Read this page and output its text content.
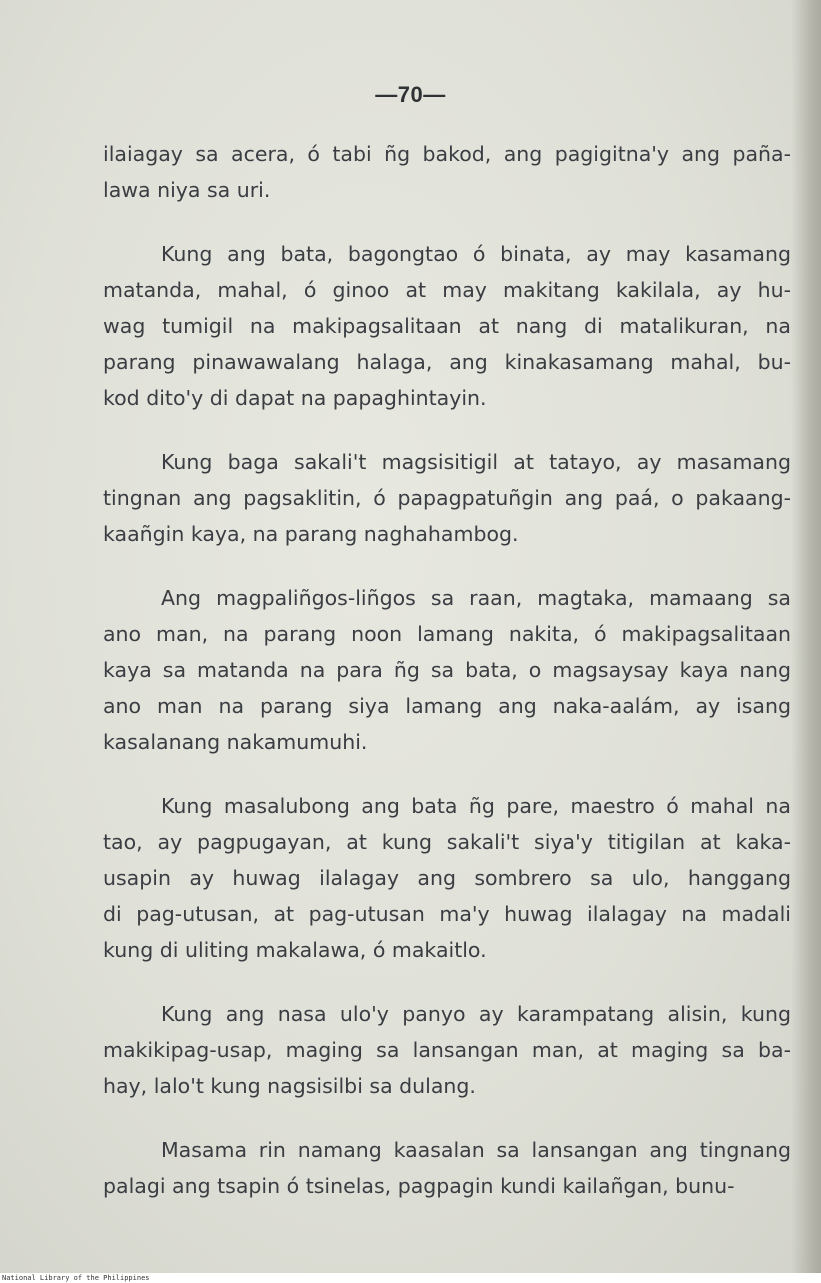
—70—
ilaiagay sa acera, ó tabi ñg bakod, ang pagigitna'y ang paña-
lawa niya sa uri.
Kung ang bata, bagongtao ó binata, ay may kasamang
matanda, mahal, ó ginoo at may makitang kakilala, ay hu-
wag tumigil na makipagsalitaan at nang di matalikuran, na
parang pinawawalang halaga, ang kinakasamang mahal, bu-
kod dito'y di dapat na papaghintayin.
Kung baga sakali't magsisitigil at tatayo, ay masamang
tingnan ang pagsaklitin, ó papagpatuñgin ang paá, o pakaang-
kaañgin kaya, na parang naghahambog.
Ang magpaliñgos-liñgos sa raan, magtaka, mamaang sa
ano man, na parang noon lamang nakita, ó makipagsalitaan
kaya sa matanda na para ñg sa bata, o magsaysay kaya nang
ano man na parang siya lamang ang naka-aalám, ay isang
kasalanang nakamumuhi.
Kung masalubong ang bata ñg pare, maestro ó mahal na
tao, ay pagpugayan, at kung sakali't siya'y titigilan at kaka-
usapin ay huwag ilalagay ang sombrero sa ulo, hanggang
di pag-utusan, at pag-utusan ma'y huwag ilalagay na madali
kung di uliting makalawa, ó makaitlo.
Kung ang nasa ulo'y panyo ay karampatang alisin, kung
makikipag-usap, maging sa lansangan man, at maging sa ba-
hay, lalo't kung nagsisilbi sa dulang.
Masama rin namang kaasalan sa lansangan ang tingnang
palagi ang tsapin ó tsinelas, pagpagin kundi kailañgan, bunu-
National Library of the Philippines
